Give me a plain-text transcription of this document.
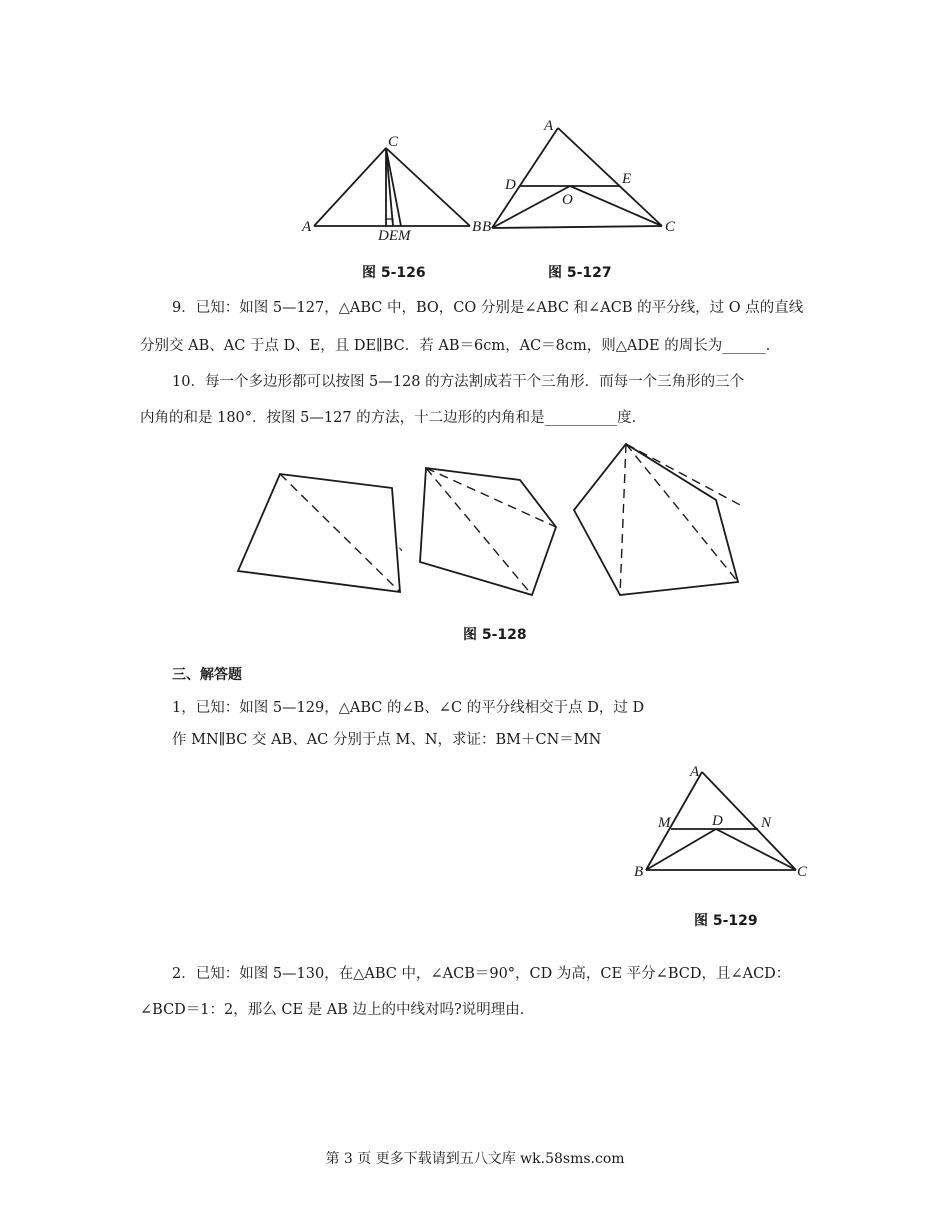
A	B
C
DEM
图 5-126
A
B	C
D	E
O
图 5-127
9．已知：如图 5—127，△ABC 中，BO，CO 分别是∠ABC 和∠ACB 的平分线，过 O 点的直线
分别交 AB、AC 于点 D、E，且 DE∥BC．若 AB＝6cm，AC＝8cm，则△ADE 的周长为______．
10．每一个多边形都可以按图 5—128 的方法割成若干个三角形．而每一个三角形的三个
内角的和是 180°．按图 5—127 的方法，十二边形的内角和是__________度．
、
图 5-128
三、解答题
1，已知：如图 5—129，△ABC 的∠B、∠C 的平分线相交于点 D，过 D
作 MN∥BC 交 AB、AC 分别于点 M、N，求证：BM＋CN＝MN
A
B	C
D
M	N
图 5-129
2．已知：如图 5—130，在△ABC 中，∠ACB＝90°，CD 为高，CE 平分∠BCD，且∠ACD：
∠BCD＝1：2，那么 CE 是 AB 边上的中线对吗?说明理由．
第 3 页 更多下载请到五八文库 wk.58sms.com
